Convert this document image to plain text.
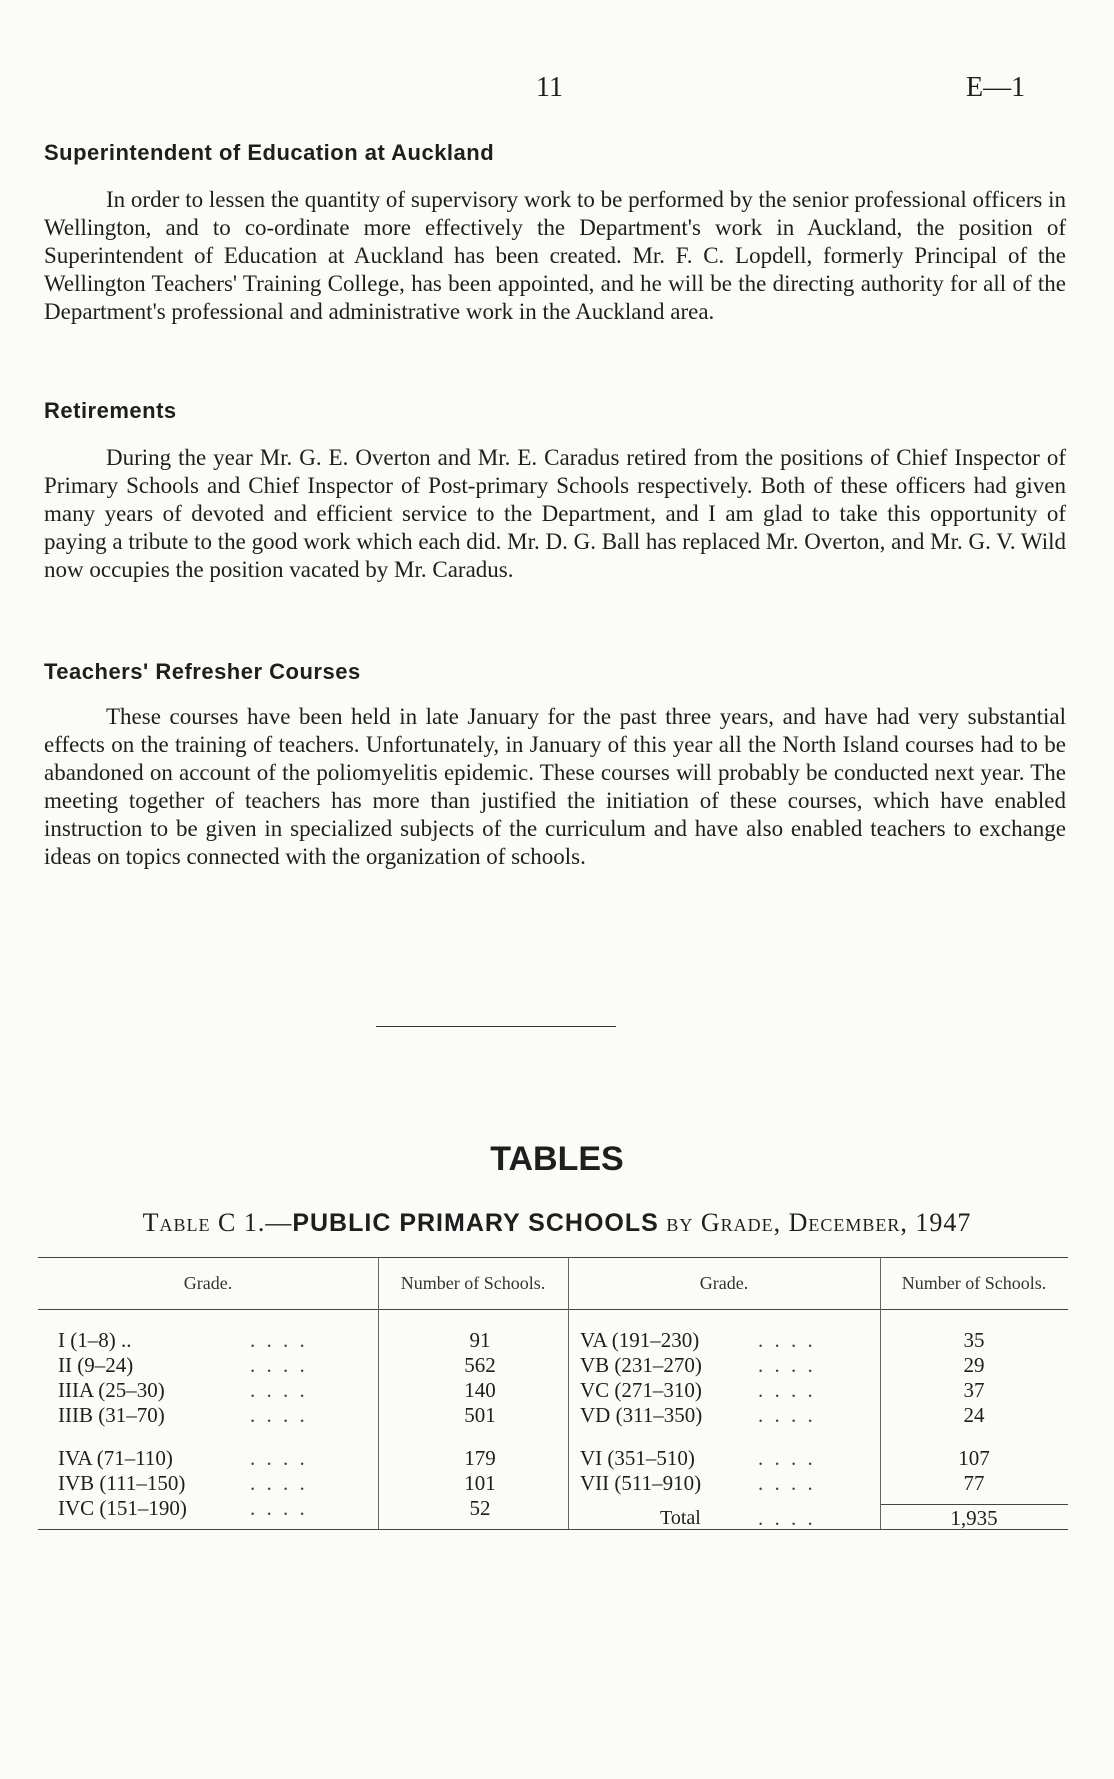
11	E—1
Superintendent of Education at Auckland

In order to lessen the quantity of supervisory work to be performed by the senior professional officers in Wellington, and to co-ordinate more effectively the Department's work in Auckland, the position of Superintendent of Education at Auckland has been created. Mr. F. C. Lopdell, formerly Principal of the Wellington Teachers' Training College, has been appointed, and he will be the directing authority for all of the Department's professional and administrative work in the Auckland area.

Retirements

During the year Mr. G. E. Overton and Mr. E. Caradus retired from the positions of Chief Inspector of Primary Schools and Chief Inspector of Post-primary Schools respectively. Both of these officers had given many years of devoted and efficient service to the Department, and I am glad to take this opportunity of paying a tribute to the good work which each did. Mr. D. G. Ball has replaced Mr. Overton, and Mr. G. V. Wild now occupies the position vacated by Mr. Caradus.

Teachers' Refresher Courses

These courses have been held in late January for the past three years, and have had very substantial effects on the training of teachers. Unfortunately, in January of this year all the North Island courses had to be abandoned on account of the poliomyelitis epidemic. These courses will probably be conducted next year. The meeting together of teachers has more than justified the initiation of these courses, which have enabled instruction to be given in specialized subjects of the curriculum and have also enabled teachers to exchange ideas on topics connected with the organization of schools.

TABLES
Table C 1.—PUBLIC PRIMARY SCHOOLS by Grade, December, 1947
Grade.	Number of Schools.	Grade.	Number of Schools.
I (1–8) ..	. . . .	91
II (9–24)	. . . .	562
IIIA (25–30)	. . . .	140
IIIB (31–70)	. . . .	501
IVA (71–110)	. . . .	179
IVB (111–150)	. . . .	101
IVC (151–190)	. . . .	52
VA (191–230)	. . . .	35
VB (231–270)	. . . .	29
VC (271–310)	. . . .	37
VD (311–350)	. . . .	24
VI (351–510)	. . . .	107
VII (511–910)	. . . .	77
Total	. . . .	1,935
